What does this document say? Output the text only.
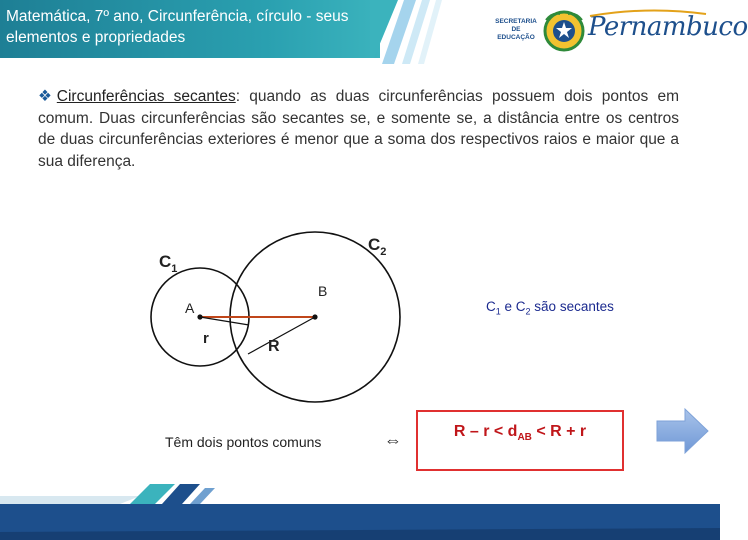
Matemática, 7º ano, Circunferência, círculo - seus elementos e propriedades
SECRETARIA DE EDUCAÇÃO Pernambuco
❖Circunferências secantes: quando as duas circunferências possuem dois pontos em comum. Duas circunferências são secantes se, e somente se, a distância entre os centros de duas circunferências exteriores é menor que a soma dos respectivos raios e maior que a sua diferença.
$C_1$
$C_2$
A
B
r	R
$C_1$ e $C_2$ são secantes
Têm dois pontos comuns	⇔	$R - r < d_{AB} < R + r$
